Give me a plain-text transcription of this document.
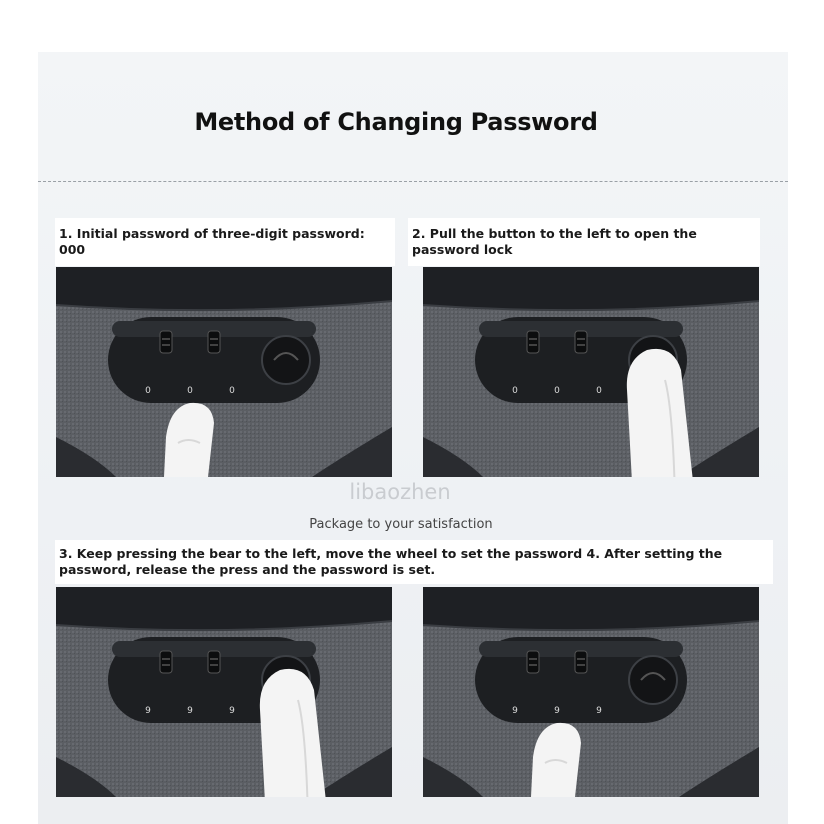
Method of Changing Password
1. Initial password of three-digit password: 000
2. Pull the button to the left to open the password lock
0	0	0	0	0	0
libaozhen
Package to your satisfaction
3. Keep pressing the bear to the left, move the wheel to set the password 4. After setting the password, release the press and the password is set.
9	9	9	9	9	9
